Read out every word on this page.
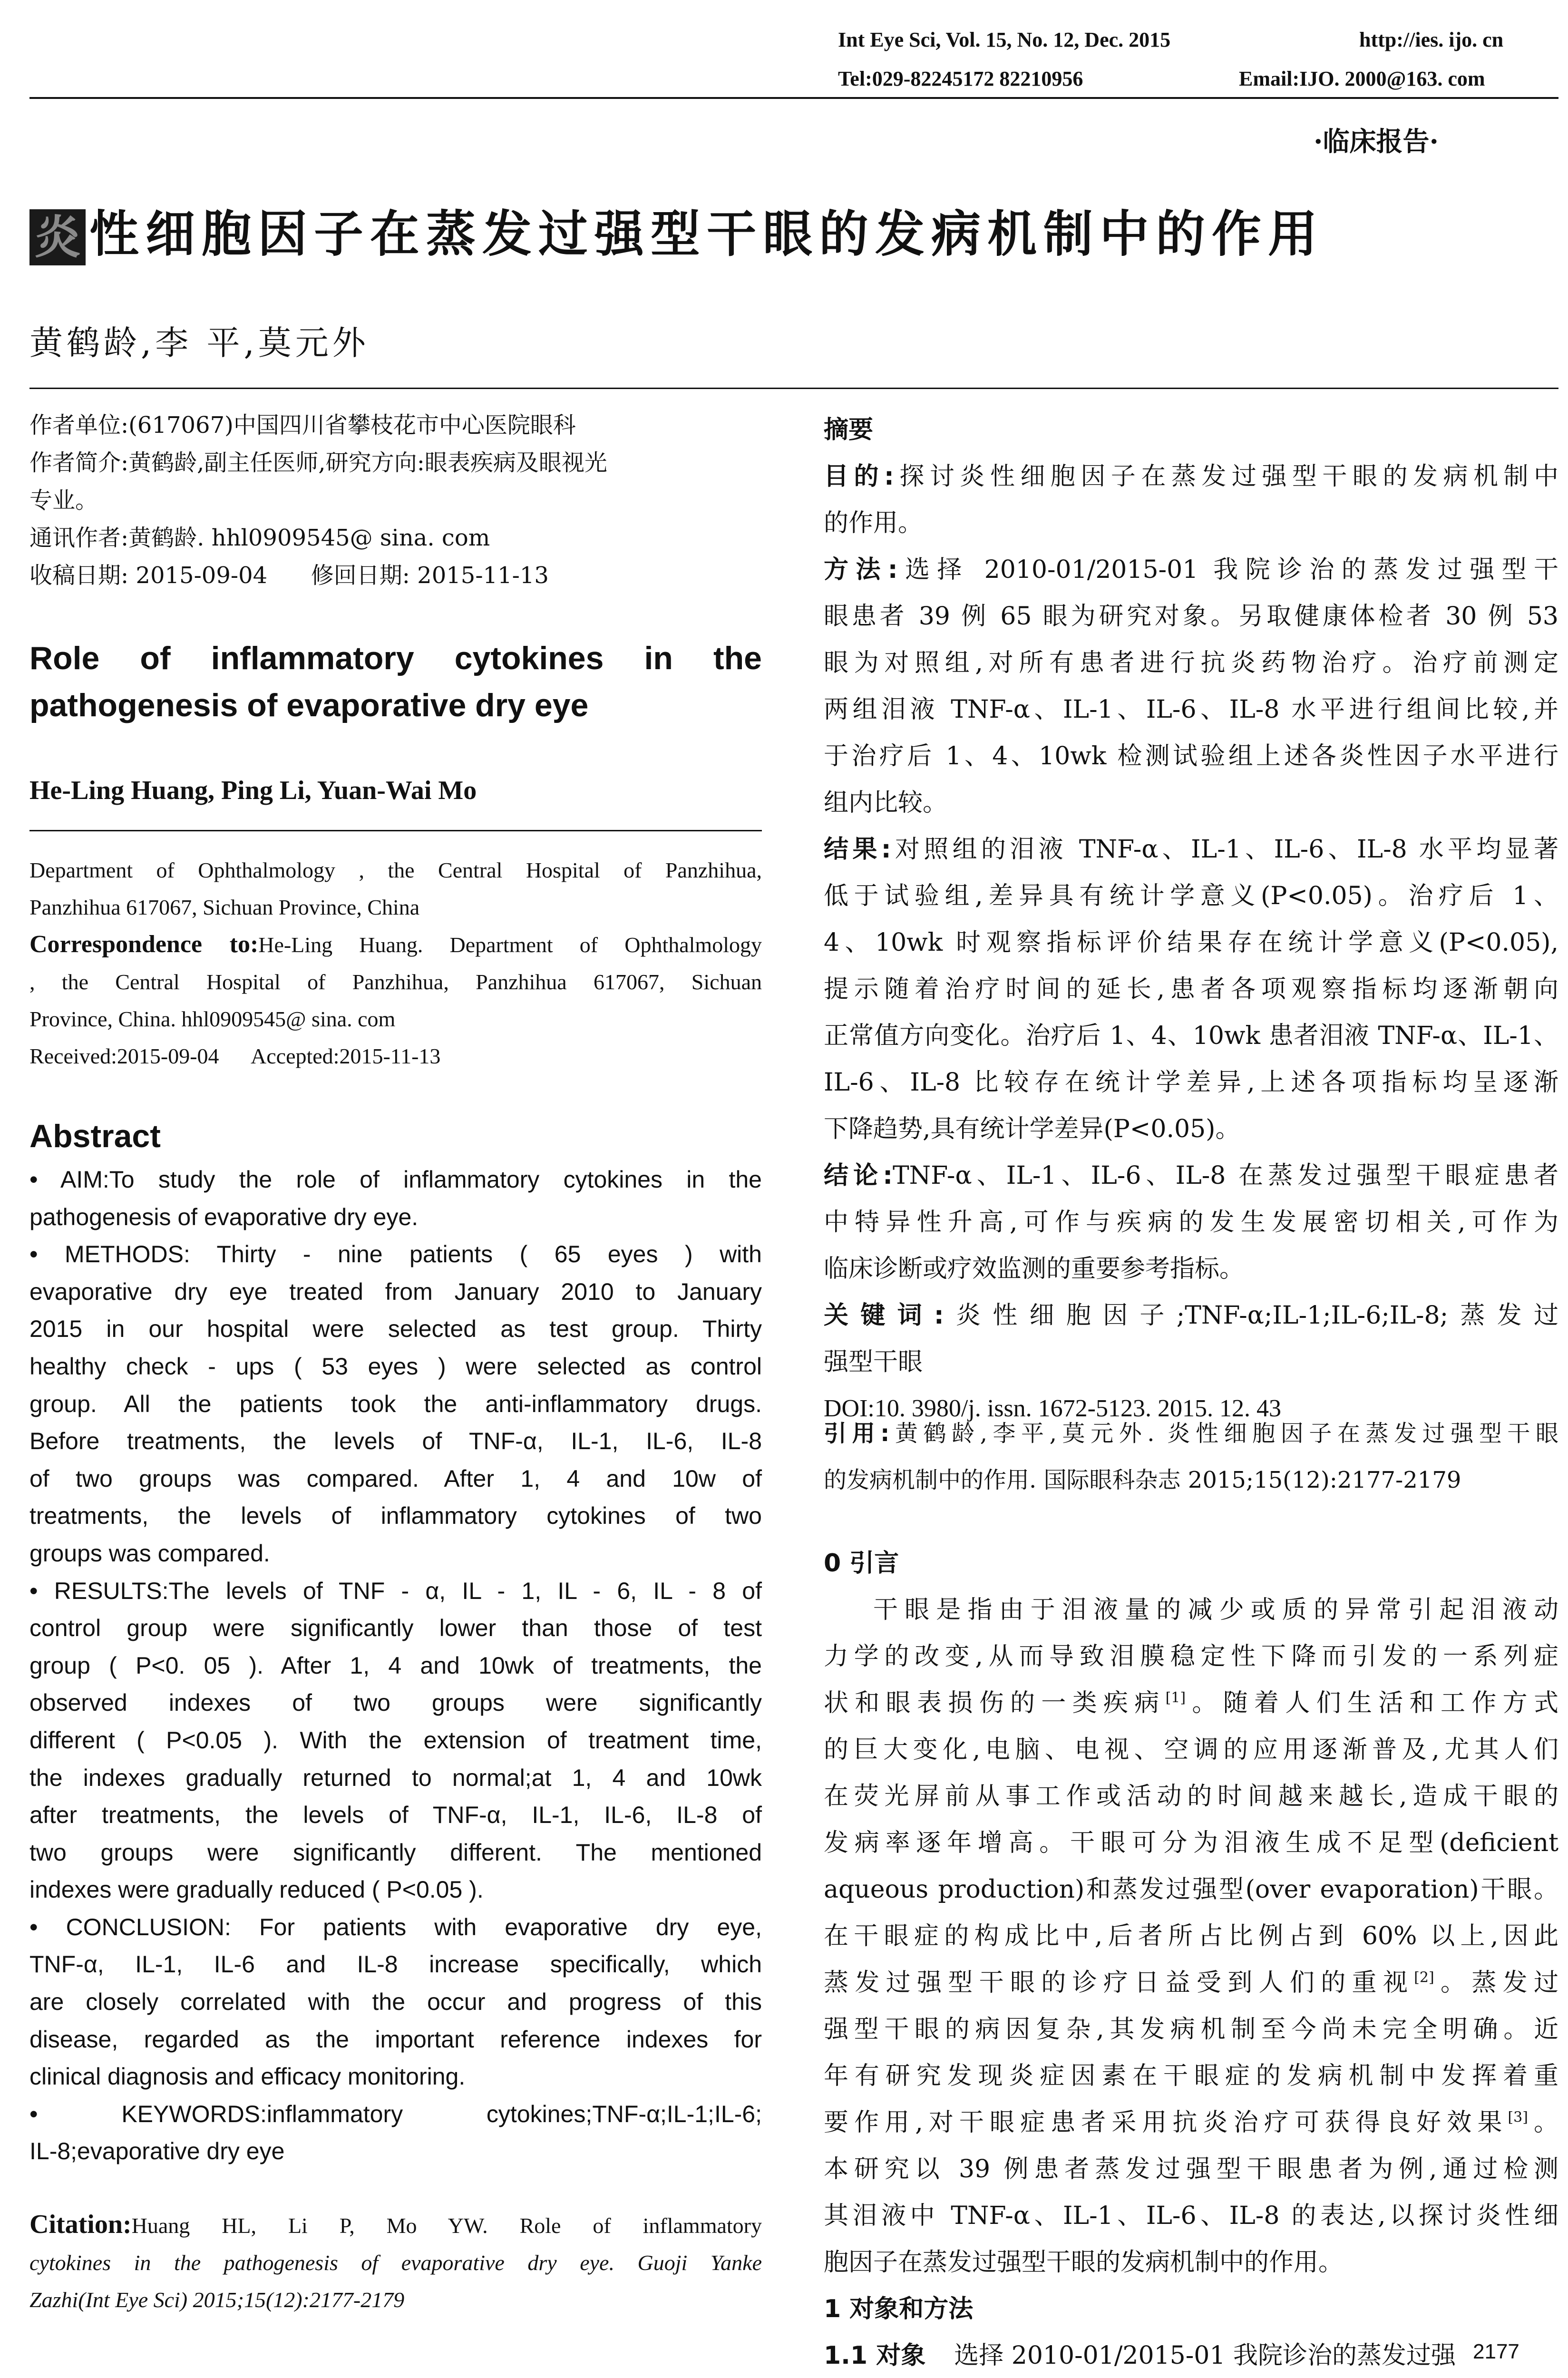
Int Eye Sci, Vol. 15, No. 12, Dec. 2015	http://ies. ijo. cn
Tel:029-82245172 82210956	Email:IJO. 2000@163. com
·临床报告·
炎 性细胞因子在蒸发过强型干眼的发病机制中的作用
黄鹤龄,李 平,莫元外

作者单位:(617067)中国四川省攀枝花市中心医院眼科

作者简介:黄鹤龄,副主任医师,研究方向:眼表疾病及眼视光

专业。

通讯作者:黄鹤龄. hhl0909545@ sina. com

收稿日期: 2015-09-04      修回日期: 2015-11-13

Role of inflammatory cytokines in the
pathogenesis of evaporative dry eye
He-Ling Huang, Ping Li, Yuan-Wai Mo

Department of Ophthalmology , the Central Hospital of Panzhihua,

Panzhihua 617067, Sichuan Province, China

Correspondence to:He-Ling Huang. Department of Ophthalmology

, the Central Hospital of Panzhihua, Panzhihua 617067, Sichuan

Province, China. hhl0909545@ sina. com

Received:2015-09-04      Accepted:2015-11-13

Abstract

• AIM:To study the role of inflammatory cytokines in the

pathogenesis of evaporative dry eye.

• METHODS: Thirty - nine patients ( 65 eyes ) with

evaporative dry eye treated from January 2010 to January

2015 in our hospital were selected as test group. Thirty

healthy check - ups ( 53 eyes ) were selected as control

group. All the patients took the anti-inflammatory drugs.

Before treatments, the levels of TNF-α, IL-1, IL-6, IL-8

of two groups was compared. After 1, 4 and 10w of

treatments, the levels of inflammatory cytokines of two

groups was compared.

• RESULTS:The levels of TNF - α, IL - 1, IL - 6, IL - 8 of

control group were significantly lower than those of test

group ( P<0. 05 ). After 1, 4 and 10wk of treatments, the

observed indexes of two groups were significantly

different ( P<0.05 ). With the extension of treatment time,

the indexes gradually returned to normal;at 1, 4 and 10wk

after treatments, the levels of TNF-α, IL-1, IL-6, IL-8 of

two groups were significantly different. The mentioned

indexes were gradually reduced ( P<0.05 ).

• CONCLUSION: For patients with evaporative dry eye,

TNF-α, IL-1, IL-6 and IL-8 increase specifically, which

are closely correlated with the occur and progress of this

disease, regarded as the important reference indexes for

clinical diagnosis and efficacy monitoring.

• KEYWORDS:inflammatory cytokines;TNF-α;IL-1;IL-6;

IL-8;evaporative dry eye

Citation:Huang HL, Li P, Mo YW. Role of inflammatory

cytokines in the pathogenesis of evaporative dry eye. Guoji Yanke

Zazhi(Int Eye Sci) 2015;15(12):2177-2179

摘要

目的:探讨炎性细胞因子在蒸发过强型干眼的发病机制中

的作用。

方法:选择 2010-01/2015-01 我院诊治的蒸发过强型干

眼患者 39 例 65 眼为研究对象。另取健康体检者 30 例 53

眼为对照组,对所有患者进行抗炎药物治疗。治疗前测定

两组泪液 TNF-α、IL-1、IL-6、IL-8 水平进行组间比较,并

于治疗后 1、4、10wk 检测试验组上述各炎性因子水平进行

组内比较。

结果:对照组的泪液 TNF-α、IL-1、IL-6、IL-8 水平均显著

低于试验组,差异具有统计学意义(P<0.05)。治疗后 1、

4、10wk 时观察指标评价结果存在统计学意义(P<0.05),

提示随着治疗时间的延长,患者各项观察指标均逐渐朝向

正常值方向变化。治疗后 1、4、10wk 患者泪液 TNF-α、IL-1、

IL-6、IL-8 比较存在统计学差异,上述各项指标均呈逐渐

下降趋势,具有统计学差异(P<0.05)。

结论:TNF-α、IL-1、IL-6、IL-8 在蒸发过强型干眼症患者

中特异性升高,可作与疾病的发生发展密切相关,可作为

临床诊断或疗效监测的重要参考指标。

关键词:炎性细胞因子;TNF-α;IL-1;IL-6;IL-8;蒸发过

强型干眼

DOI:10. 3980/j. issn. 1672-5123. 2015. 12. 43

引用:黄鹤龄,李平,莫元外. 炎性细胞因子在蒸发过强型干眼

的发病机制中的作用. 国际眼科杂志 2015;15(12):2177-2179

0 引言

干眼是指由于泪液量的减少或质的异常引起泪液动

力学的改变,从而导致泪膜稳定性下降而引发的一系列症

状和眼表损伤的一类疾病[1]。随着人们生活和工作方式

的巨大变化,电脑、电视、空调的应用逐渐普及,尤其人们

在荧光屏前从事工作或活动的时间越来越长,造成干眼的

发病率逐年增高。干眼可分为泪液生成不足型(deficient

aqueous production)和蒸发过强型(over evaporation)干眼。

在干眼症的构成比中,后者所占比例占到 60% 以上,因此

蒸发过强型干眼的诊疗日益受到人们的重视[2]。蒸发过

强型干眼的病因复杂,其发病机制至今尚未完全明确。近

年有研究发现炎症因素在干眼症的发病机制中发挥着重

要作用,对干眼症患者采用抗炎治疗可获得良好效果[3]。

本研究以 39 例患者蒸发过强型干眼患者为例,通过检测

其泪液中 TNF-α、IL-1、IL-6、IL-8 的表达,以探讨炎性细

胞因子在蒸发过强型干眼的发病机制中的作用。

1 对象和方法

1.1 对象 选择 2010-01/2015-01 我院诊治的蒸发过强 2177
